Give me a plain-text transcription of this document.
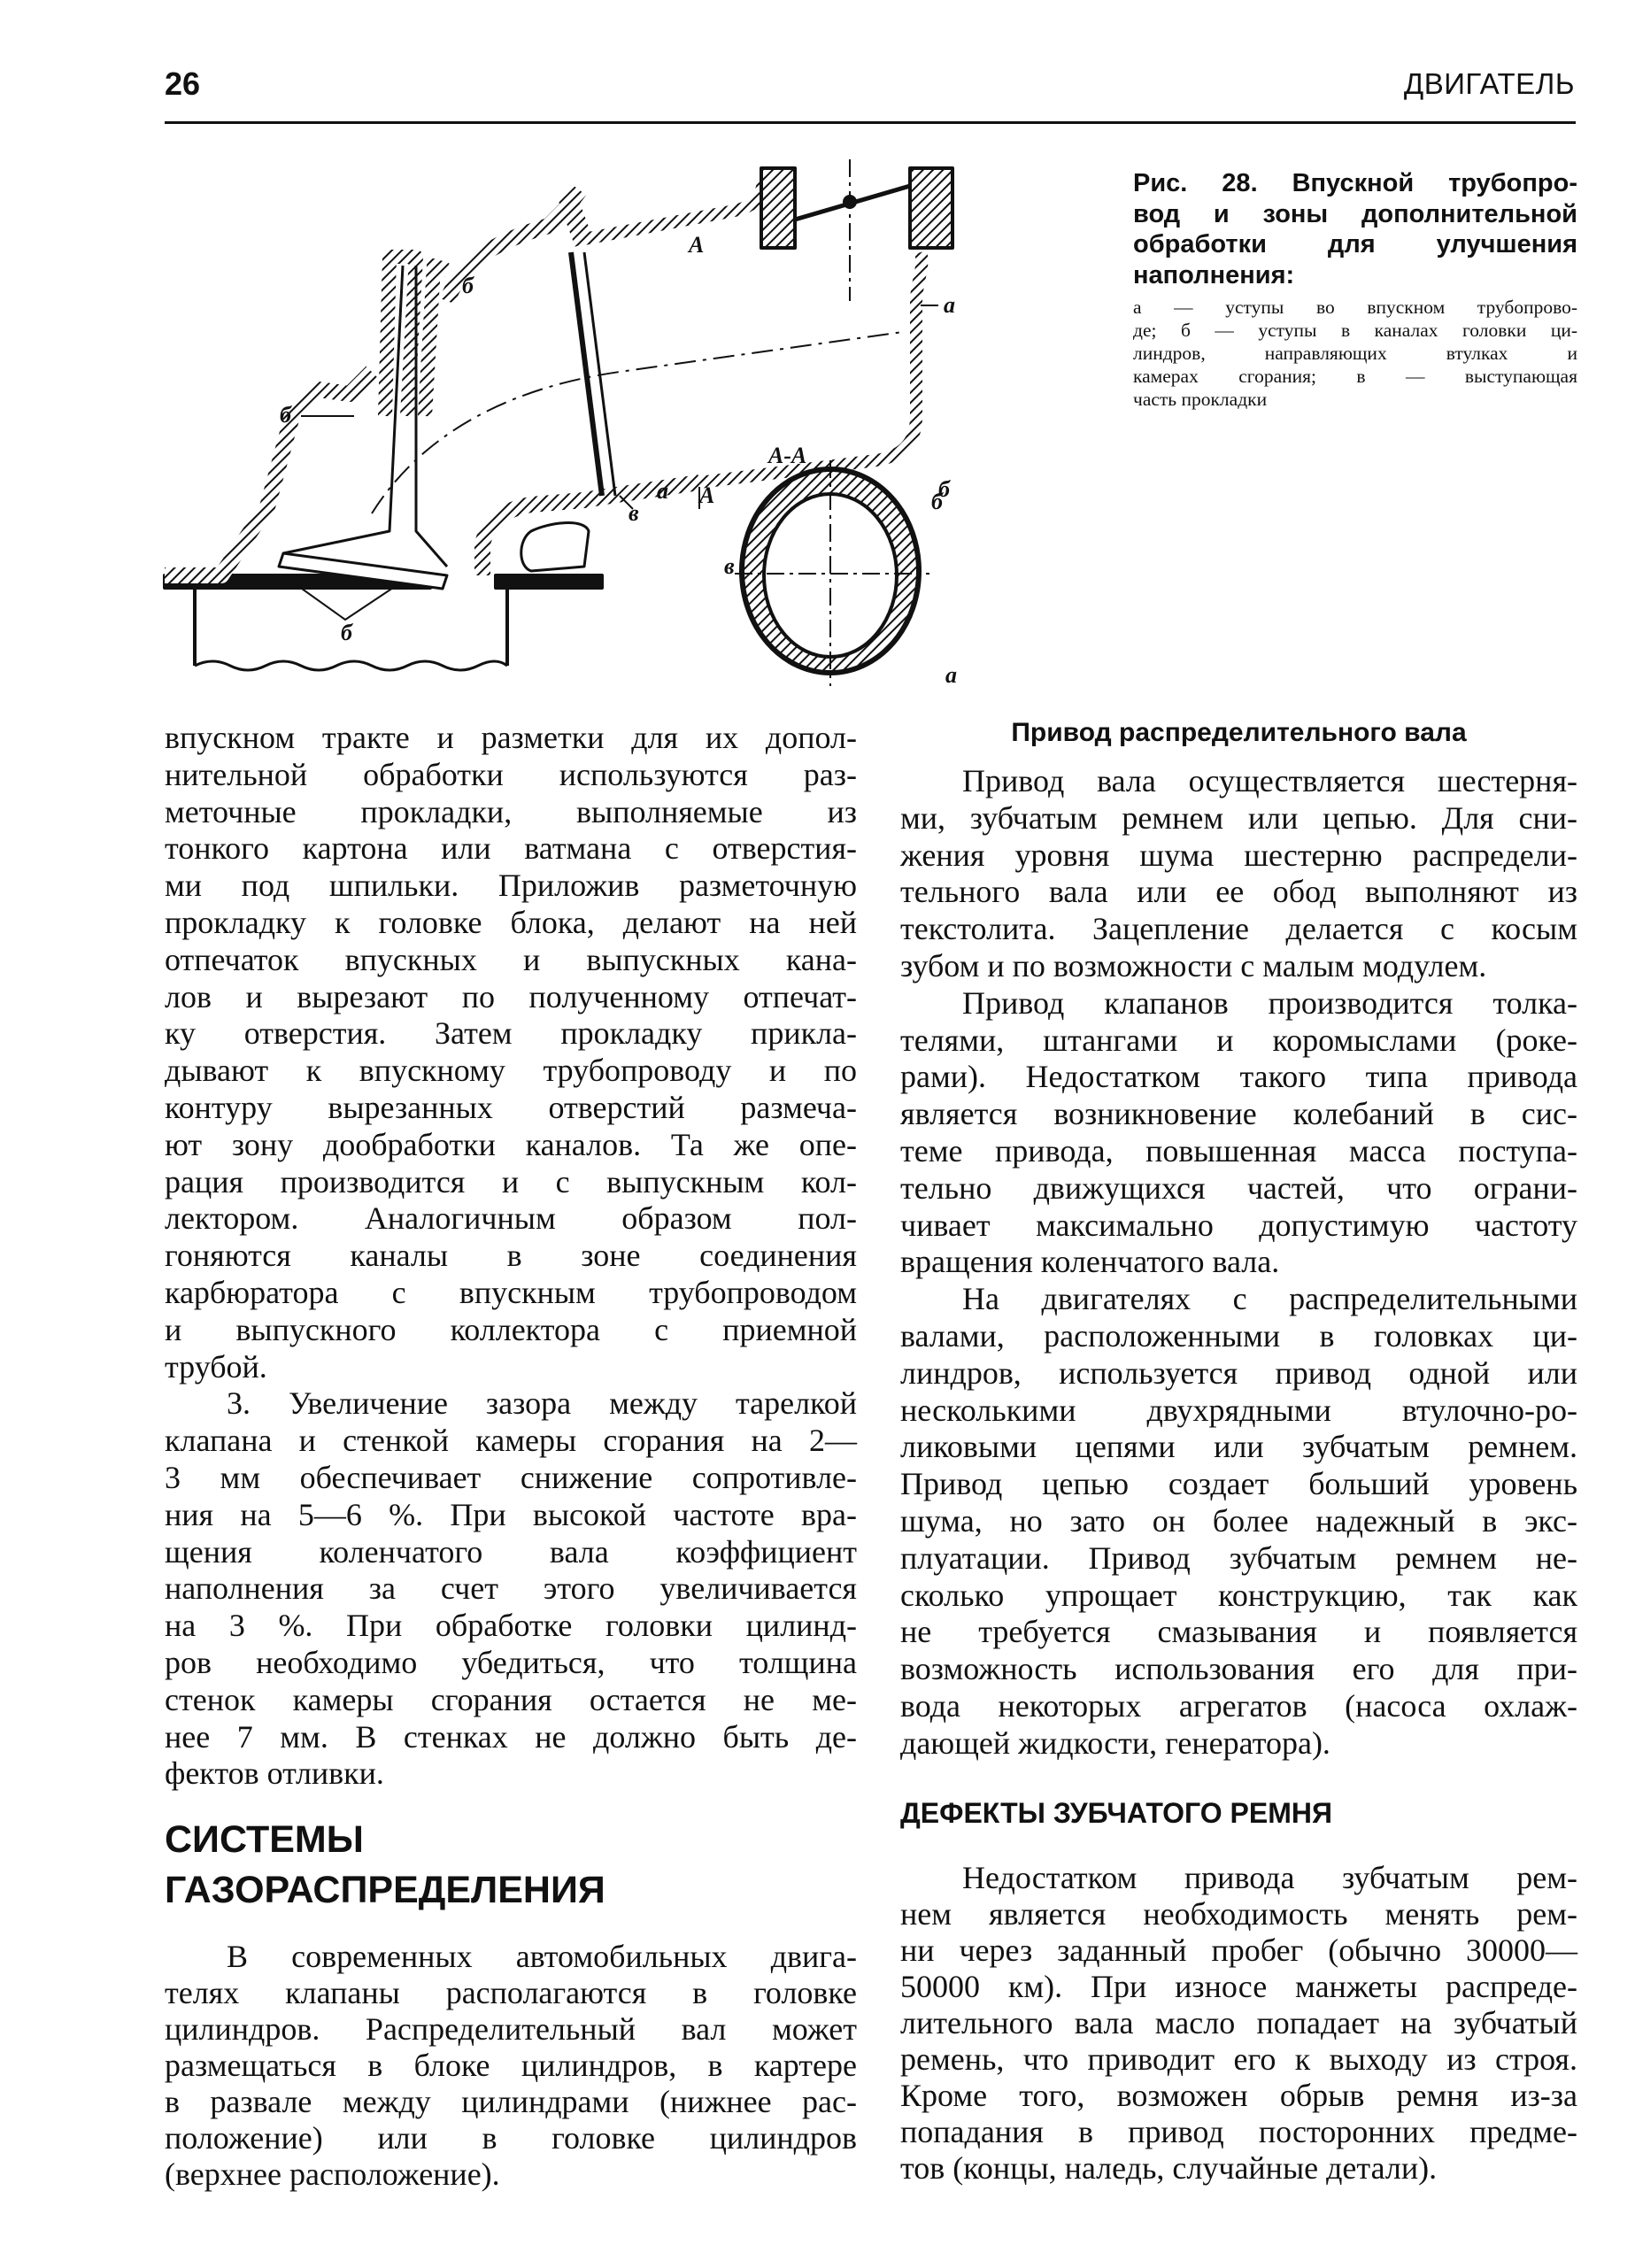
26	ДВИГАТЕЛЬ
А
б
б
а
б
в
а А	б
А-А
в
а
б
Рис. 28. Впускной трубопро-
вод и зоны дополнительной
обработки для улучшения
наполнения:
а — уступы во впускном трубопрово-
де; б — уступы в каналах головки ци-
линдров, направляющих втулках и
камерах сгорания; в — выступающая
часть прокладки
впускном тракте и разметки для их допол-
нительной обработки используются раз-
меточные прокладки, выполняемые из
тонкого картона или ватмана с отверстия-
ми под шпильки. Приложив разметочную
прокладку к головке блока, делают на ней
отпечаток впускных и выпускных кана-
лов и вырезают по полученному отпечат-
ку отверстия. Затем прокладку прикла-
дывают к впускному трубопроводу и по
контуру вырезанных отверстий размеча-
ют зону дообработки каналов. Та же опе-
рация производится и с выпускным кол-
лектором. Аналогичным образом пол-
гоняются каналы в зоне соединения
карбюратора с впускным трубопроводом
и выпускного коллектора с приемной
трубой.
3. Увеличение зазора между тарелкой
клапана и стенкой камеры сгорания на 2—
3 мм обеспечивает снижение сопротивле-
ния на 5—6 %. При высокой частоте вра-
щения коленчатого вала коэффициент
наполнения за счет этого увеличивается
на 3 %. При обработке головки цилинд-
ров необходимо убедиться, что толщина
стенок камеры сгорания остается не ме-
нее 7 мм. В стенках не должно быть де-
фектов отливки.
СИСТЕМЫ
ГАЗОРАСПРЕДЕЛЕНИЯ
В современных автомобильных двига-
телях клапаны располагаются в головке
цилиндров. Распределительный вал может
размещаться в блоке цилиндров, в картере
в развале между цилиндрами (нижнее рас-
положение) или в головке цилиндров
(верхнее расположение).
Привод распределительного вала
Привод вала осуществляется шестерня-
ми, зубчатым ремнем или цепью. Для сни-
жения уровня шума шестерню распредели-
тельного вала или ее обод выполняют из
текстолита. Зацепление делается с косым
зубом и по возможности с малым модулем.
Привод клапанов производится толка-
телями, штангами и коромыслами (роке-
рами). Недостатком такого типа привода
является возникновение колебаний в сис-
теме привода, повышенная масса поступа-
тельно движущихся частей, что ограни-
чивает максимально допустимую частоту
вращения коленчатого вала.
На двигателях с распределительными
валами, расположенными в головках ци-
линдров, используется привод одной или
несколькими двухрядными втулочно-ро-
ликовыми цепями или зубчатым ремнем.
Привод цепью создает больший уровень
шума, но зато он более надежный в экс-
плуатации. Привод зубчатым ремнем не-
сколько упрощает конструкцию, так как
не требуется смазывания и появляется
возможность использования его для при-
вода некоторых агрегатов (насоса охлаж-
дающей жидкости, генератора).
ДЕФЕКТЫ ЗУБЧАТОГО РЕМНЯ
Недостатком привода зубчатым рем-
нем является необходимость менять рем-
ни через заданный пробег (обычно 30000—
50000 км). При износе манжеты распреде-
лительного вала масло попадает на зубчатый
ремень, что приводит его к выходу из строя.
Кроме того, возможен обрыв ремня из-за
попадания в привод посторонних предме-
тов (концы, наледь, случайные детали).
